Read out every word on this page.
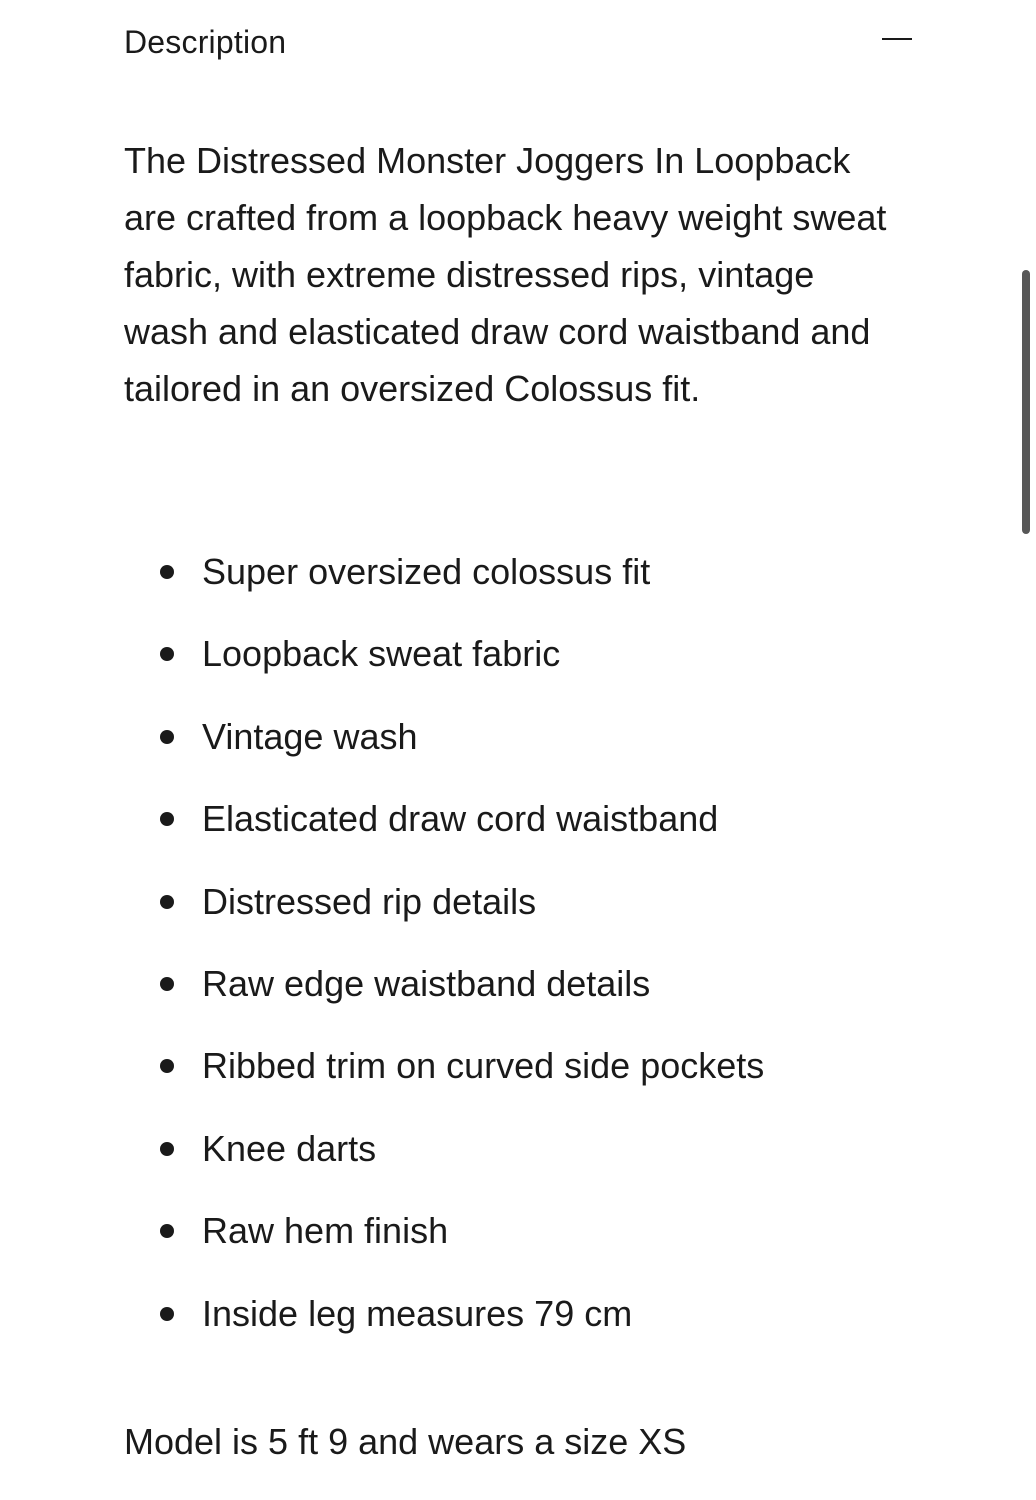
Description

The Distressed Monster Joggers In Loopback are crafted from a loopback heavy weight sweat fabric, with extreme distressed rips, vintage wash and elasticated draw cord waistband and tailored in an oversized Colossus fit.

Super oversized colossus fit
Loopback sweat fabric
Vintage wash
Elasticated draw cord waistband
Distressed rip details
Raw edge waistband details
Ribbed trim on curved side pockets
Knee darts
Raw hem finish
Inside leg measures 79 cm

Model is 5 ft 9 and wears a size XS
